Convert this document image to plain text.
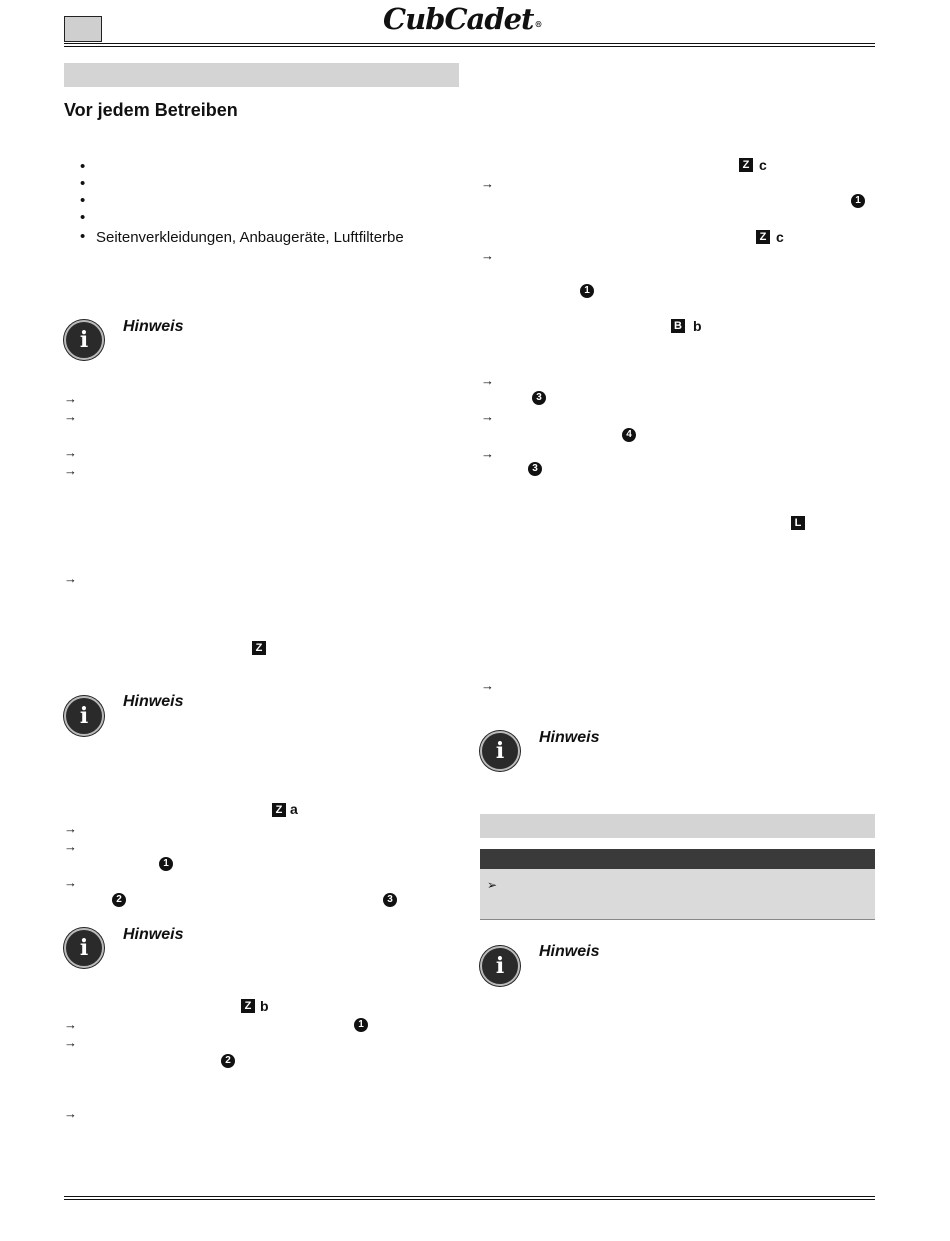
CubCadet®
Vor jedem Betreiben
•
•
•
•
• Seitenverkleidungen, Anbaugeräte, Luftfilterbe
i
Hinweis
→
→
→
→
→
Z
i
Hinweis
Z a
→
→
1
→
2	3
i
Hinweis
Z b
→	1
→
2
→
Z c
→
1
Z c
→
1
B b
→
3
→
4
→
3
L
→
i
Hinweis
➢
i
Hinweis
